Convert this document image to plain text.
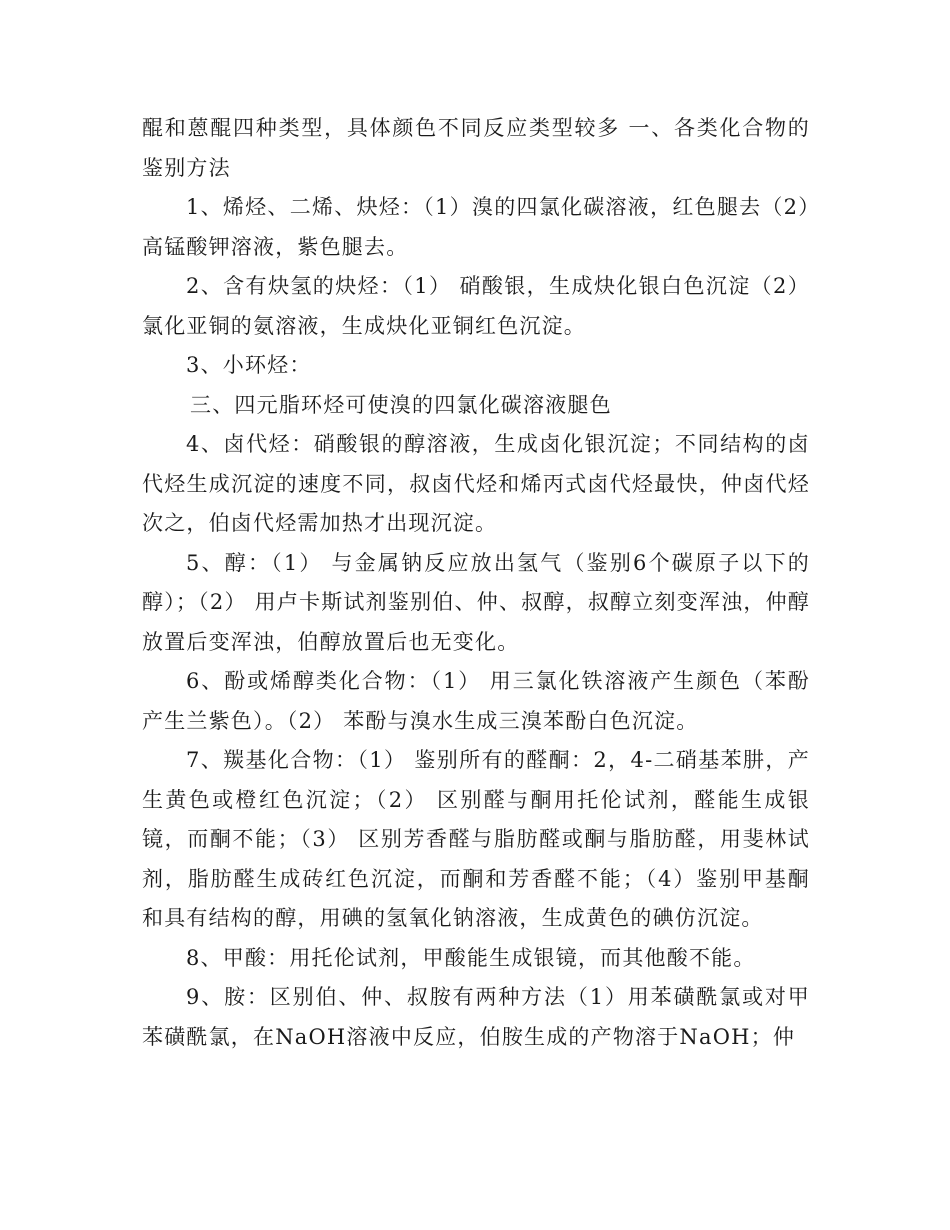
醌和蒽醌四种类型，具体颜色不同反应类型较多 一、各类化合物的鉴别方法

1、烯烃、二烯、炔烃：（1）溴的四氯化碳溶液，红色腿去（2）高锰酸钾溶液，紫色腿去。

2、含有炔氢的炔烃：（1） 硝酸银，生成炔化银白色沉淀（2） 氯化亚铜的氨溶液，生成炔化亚铜红色沉淀。

3、小环烃：

三、四元脂环烃可使溴的四氯化碳溶液腿色

4、卤代烃：硝酸银的醇溶液，生成卤化银沉淀；不同结构的卤代烃生成沉淀的速度不同，叔卤代烃和烯丙式卤代烃最快，仲卤代烃次之，伯卤代烃需加热才出现沉淀。

5、醇：（1） 与金属钠反应放出氢气（鉴别6个碳原子以下的醇）；（2） 用卢卡斯试剂鉴别伯、仲、叔醇，叔醇立刻变浑浊，仲醇放置后变浑浊，伯醇放置后也无变化。

6、酚或烯醇类化合物：（1） 用三氯化铁溶液产生颜色（苯酚产生兰紫色）。（2） 苯酚与溴水生成三溴苯酚白色沉淀。

7、羰基化合物：（1） 鉴别所有的醛酮：2，4-二硝基苯肼，产生黄色或橙红色沉淀；（2） 区别醛与酮用托伦试剂，醛能生成银镜，而酮不能；（3） 区别芳香醛与脂肪醛或酮与脂肪醛，用斐林试剂，脂肪醛生成砖红色沉淀，而酮和芳香醛不能；（4）鉴别甲基酮和具有结构的醇，用碘的氢氧化钠溶液，生成黄色的碘仿沉淀。

8、甲酸：用托伦试剂，甲酸能生成银镜，而其他酸不能。

9、胺：区别伯、仲、叔胺有两种方法（1）用苯磺酰氯或对甲苯磺酰氯，在NaOH溶液中反应，伯胺生成的产物溶于NaOH；仲
